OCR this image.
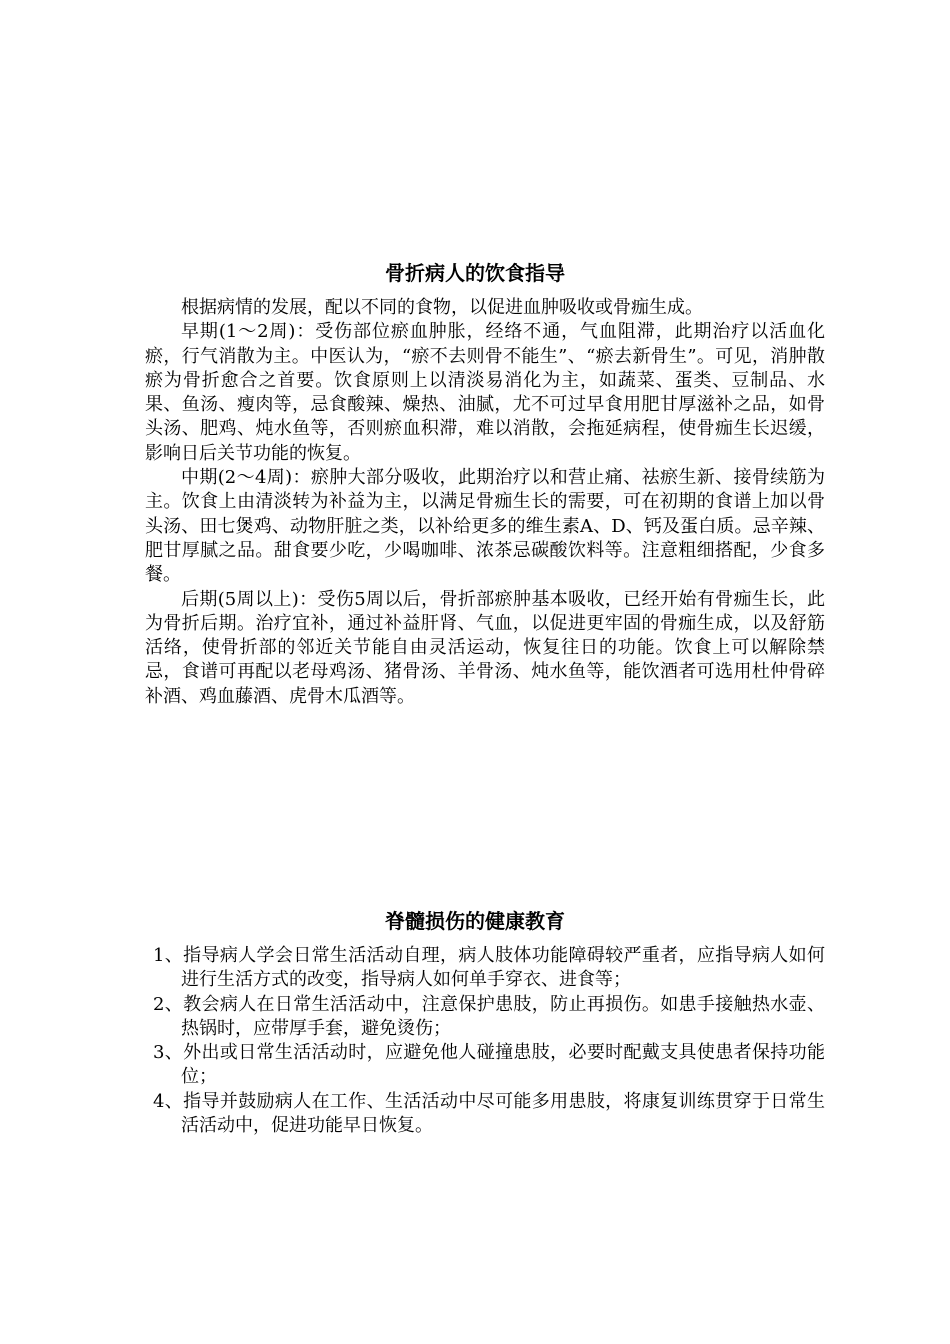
骨折病人的饮食指导

根据病情的发展，配以不同的食物，以促进血肿吸收或骨痂生成。

早期(1～2周)：受伤部位瘀血肿胀，经络不通，气血阻滞，此期治疗以活血化瘀，行气消散为主。中医认为，“瘀不去则骨不能生”、“瘀去新骨生”。可见，消肿散瘀为骨折愈合之首要。饮食原则上以清淡易消化为主，如蔬菜、蛋类、豆制品、水果、鱼汤、瘦肉等，忌食酸辣、燥热、油腻，尤不可过早食用肥甘厚滋补之品，如骨头汤、肥鸡、炖水鱼等，否则瘀血积滞，难以消散，会拖延病程，使骨痂生长迟缓，影响日后关节功能的恢复。

中期(2～4周)：瘀肿大部分吸收，此期治疗以和营止痛、祛瘀生新、接骨续筋为主。饮食上由清淡转为补益为主，以满足骨痂生长的需要，可在初期的食谱上加以骨头汤、田七煲鸡、动物肝脏之类，以补给更多的维生素A、D、钙及蛋白质。忌辛辣、肥甘厚腻之品。甜食要少吃，少喝咖啡、浓茶忌碳酸饮料等。注意粗细搭配，少食多餐。

后期(5周以上)：受伤5周以后，骨折部瘀肿基本吸收，已经开始有骨痂生长，此为骨折后期。治疗宜补，通过补益肝肾、气血，以促进更牢固的骨痂生成，以及舒筋活络，使骨折部的邻近关节能自由灵活运动，恢复往日的功能。饮食上可以解除禁忌，食谱可再配以老母鸡汤、猪骨汤、羊骨汤、炖水鱼等，能饮酒者可选用杜仲骨碎补酒、鸡血藤酒、虎骨木瓜酒等。

脊髓损伤的健康教育
1、指导病人学会日常生活活动自理，病人肢体功能障碍较严重者，应指导病人如何进行生活方式的改变，指导病人如何单手穿衣、进食等；
2、教会病人在日常生活活动中，注意保护患肢，防止再损伤。如患手接触热水壶、热锅时，应带厚手套，避免烫伤；
3、外出或日常生活活动时，应避免他人碰撞患肢，必要时配戴支具使患者保持功能位；
4、指导并鼓励病人在工作、生活活动中尽可能多用患肢，将康复训练贯穿于日常生活活动中，促进功能早日恢复。
